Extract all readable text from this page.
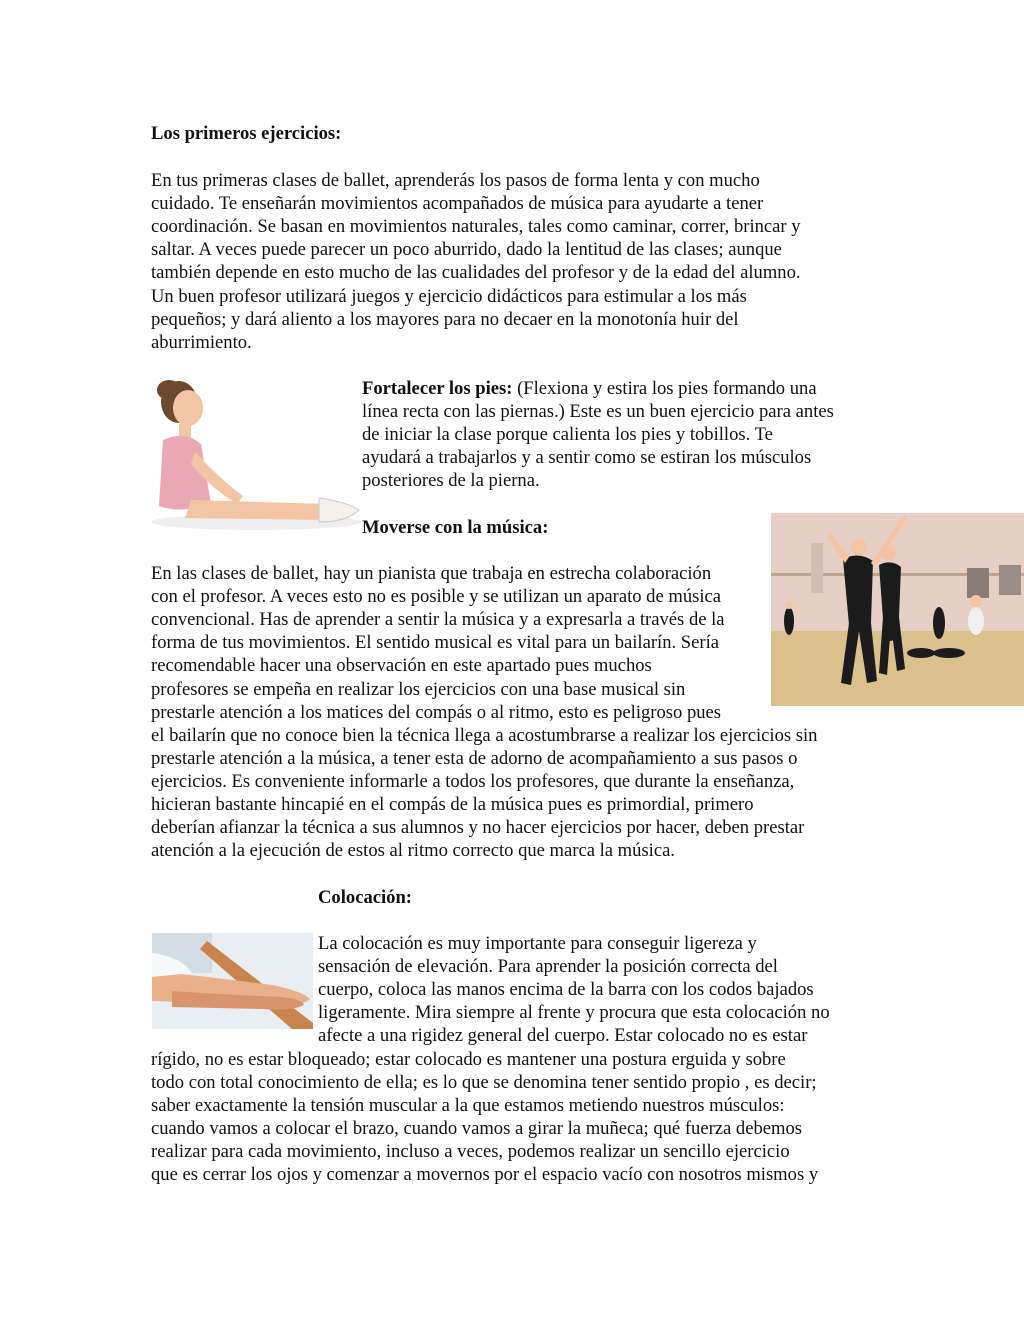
Los primeros ejercicios:
En tus primeras clases de ballet, aprenderás los pasos de forma lenta y con mucho
cuidado. Te enseñarán movimientos acompañados de música para ayudarte a tener
coordinación. Se basan en movimientos naturales, tales como caminar, correr, brincar y
saltar. A veces puede parecer un poco aburrido, dado la lentitud de las clases; aunque
también depende en esto mucho de las cualidades del profesor y de la edad del alumno.
Un buen profesor utilizará juegos y ejercicio didácticos para estimular a los más
pequeños; y dará aliento a los mayores para no decaer en la monotonía huir del
aburrimiento.
Fortalecer los pies: (Flexiona y estira los pies formando una
línea recta con las piernas.) Este es un buen ejercicio para antes
de iniciar la clase porque calienta los pies y tobillos. Te
ayudará a trabajarlos y a sentir como se estiran los músculos
posteriores de la pierna.
Moverse con la música:
En las clases de ballet, hay un pianista que trabaja en estrecha colaboración
con el profesor. A veces esto no es posible y se utilizan un aparato de música
convencional. Has de aprender a sentir la música y a expresarla a través de la
forma de tus movimientos. El sentido musical es vital para un bailarín. Sería
recomendable hacer una observación en este apartado pues muchos
profesores se empeña en realizar los ejercicios con una base musical sin
prestarle atención a los matices del compás o al ritmo, esto es peligroso pues
el bailarín que no conoce bien la técnica llega a acostumbrarse a realizar los ejercicios sin
prestarle atención a la música, a tener esta de adorno de acompañamiento a sus pasos o
ejercicios. Es conveniente informarle a todos los profesores, que durante la enseñanza,
hicieran bastante hincapié en el compás de la música pues es primordial, primero
deberían afianzar la técnica a sus alumnos y no hacer ejercicios por hacer, deben prestar
atención a la ejecución de estos al ritmo correcto que marca la música.
Colocación:
La colocación es muy importante para conseguir ligereza y
sensación de elevación. Para aprender la posición correcta del
cuerpo, coloca las manos encima de la barra con los codos bajados
ligeramente. Mira siempre al frente y procura que esta colocación no
afecte a una rigidez general del cuerpo. Estar colocado no es estar
rígido, no es estar bloqueado; estar colocado es mantener una postura erguida y sobre
todo con total conocimiento de ella; es lo que se denomina tener sentido propio , es decir;
saber exactamente la tensión muscular a la que estamos metiendo nuestros músculos:
cuando vamos a colocar el brazo, cuando vamos a girar la muñeca; qué fuerza debemos
realizar para cada movimiento, incluso a veces, podemos realizar un sencillo ejercicio
que es cerrar los ojos y comenzar a movernos por el espacio vacío con nosotros mismos y
